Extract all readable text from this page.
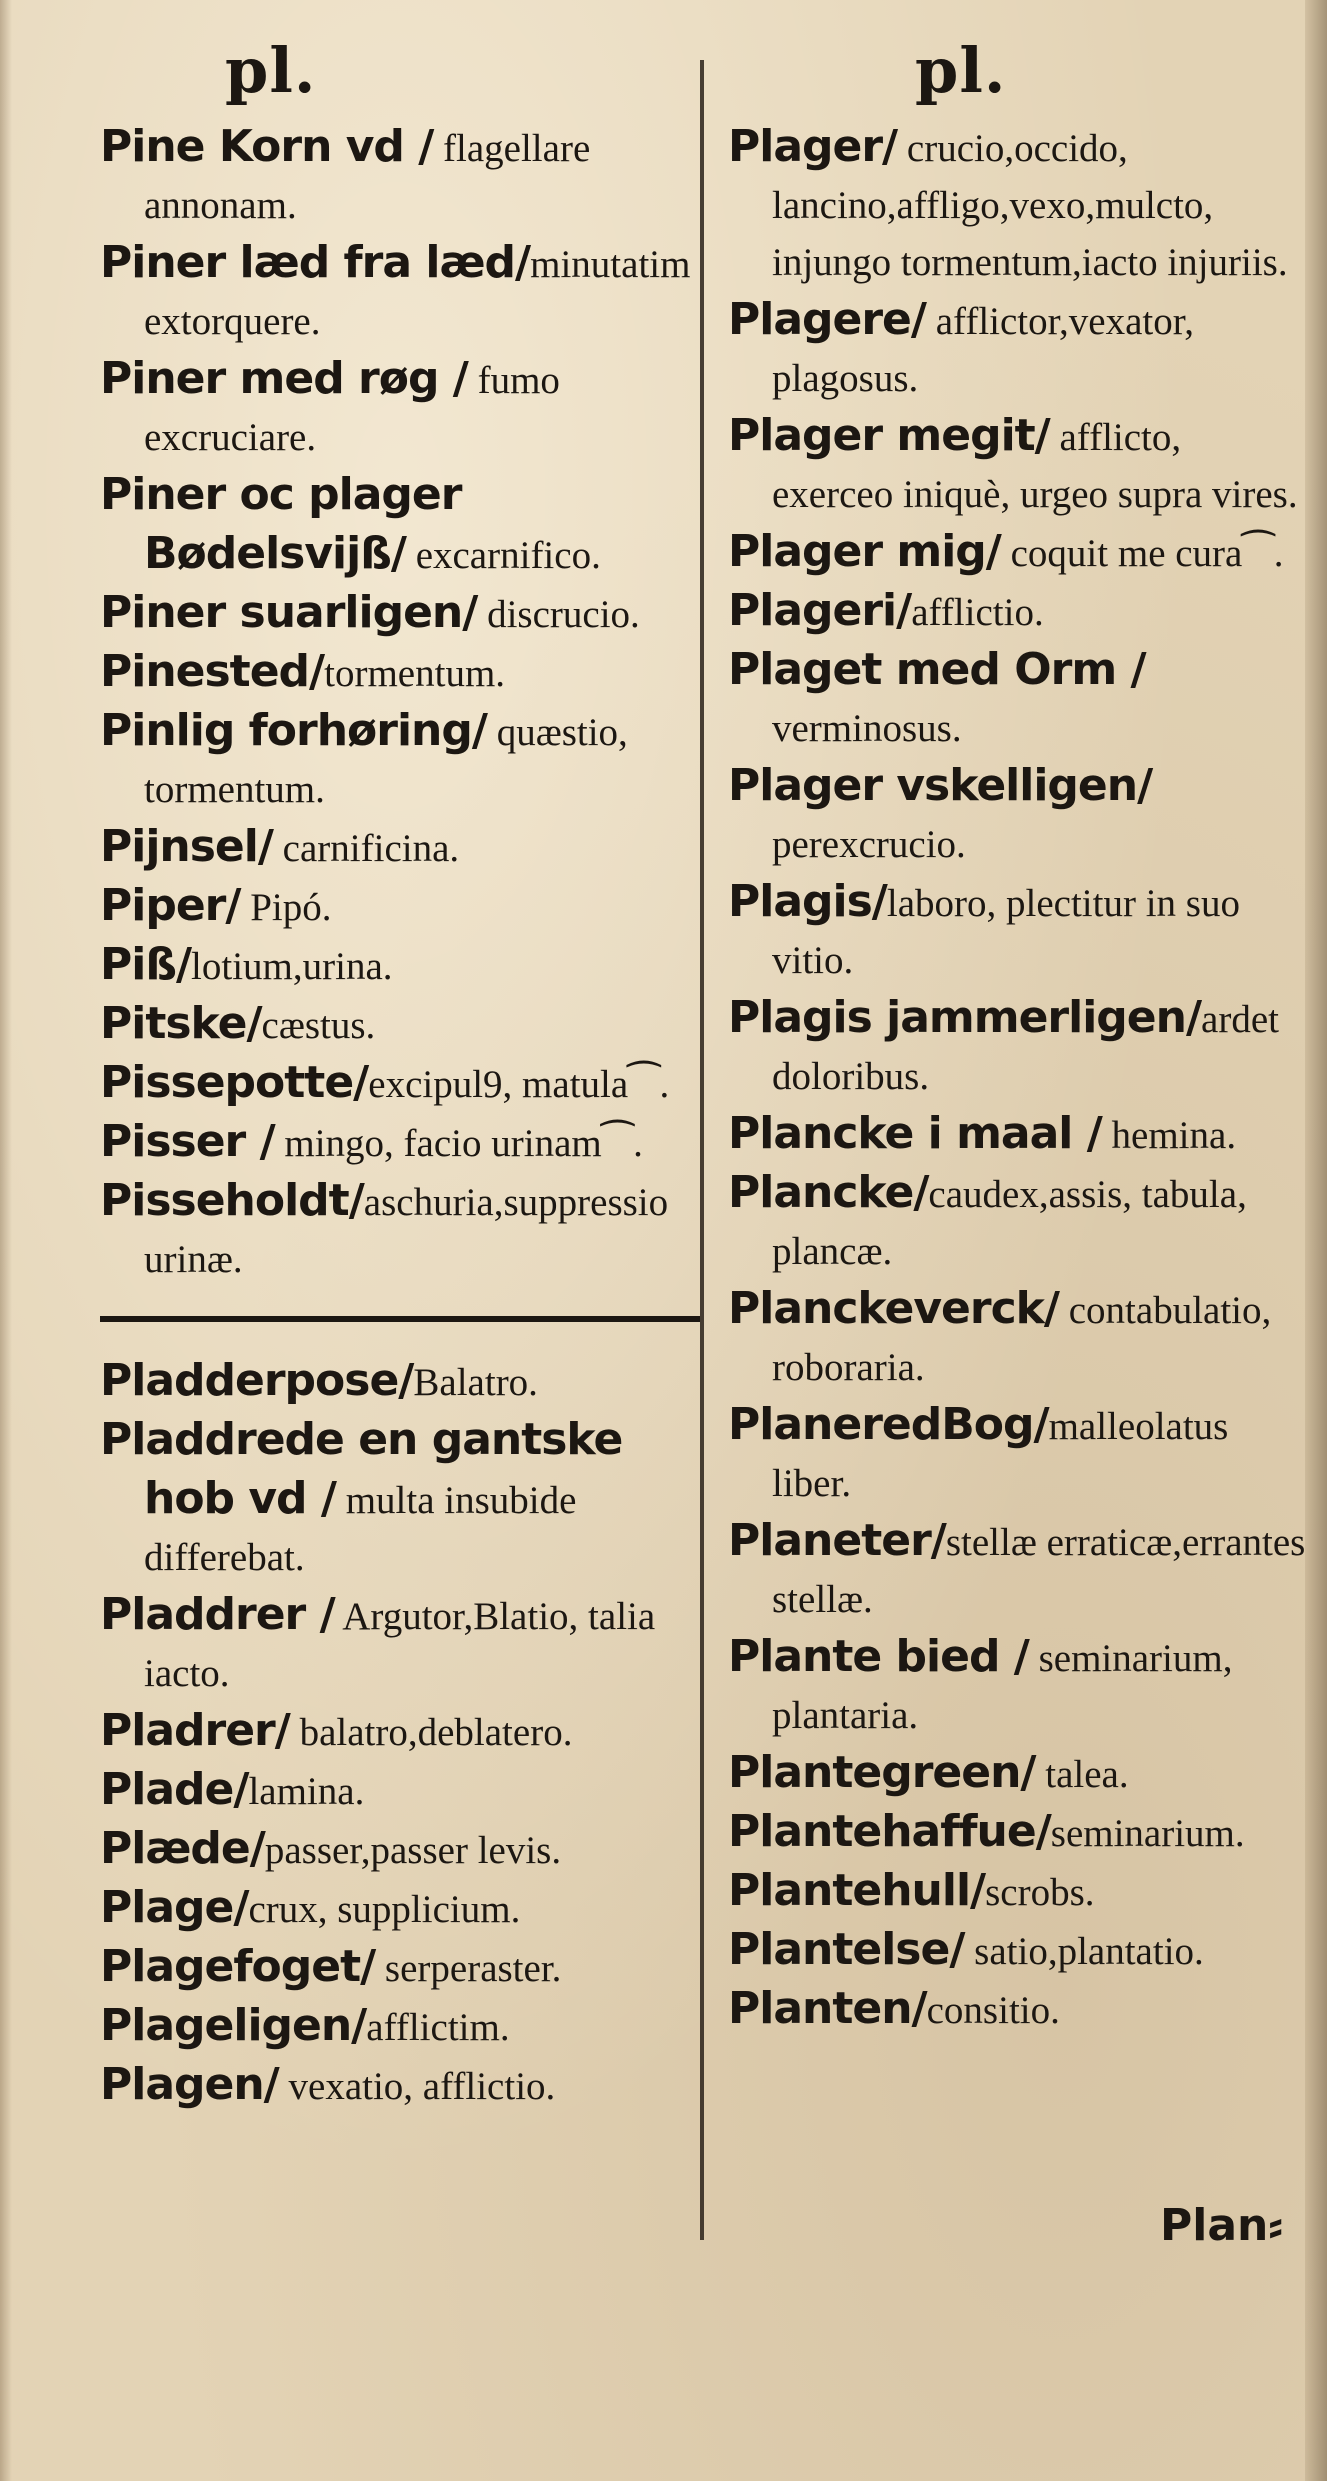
pl.	pl.
Pine Korn vd / flagellare annonam.
Piner læd fra læd/minutatim extorquere.
Piner med røg / fumo excruciare.
Piner oc plager Bødelsvijß/ excarnifico.
Piner suarligen/ discrucio.
Pinested/tormentum.
Pinlig forhøring/ quæstio, tormentum.
Pijnsel/ carnificina.
Piper/ Pipó.
Piß/lotium,urina.
Pitske/cæstus.
Pissepotte/excipul9, matula⁀.
Pisser / mingo, facio urinam⁀.
Pisseholdt/aschuria,suppressio urinæ.
Pladderpose/Balatro.
Pladdrede en gantske hob vd / multa insubide differebat.
Pladdrer / Argutor,Blatio, talia iacto.
Pladrer/ balatro,deblatero.
Plade/lamina.
Plæde/passer,passer levis.
Plage/crux, supplicium.
Plagefoget/ serperaster.
Plageligen/afflictim.
Plagen/ vexatio, afflictio.
Plager/ crucio,occido, lancino,affligo,vexo,mulcto, injungo tormentum,iacto injuriis.
Plagere/ afflictor,vexator, plagosus.
Plager megit/ afflicto, exerceo iniquè, urgeo supra vires.
Plager mig/ coquit me cura⁀.
Plageri/afflictio.
Plaget med Orm / verminosus.
Plager vskelligen/ perexcrucio.
Plagis/laboro, plectitur in suo vitio.
Plagis jammerligen/ardet doloribus.
Plancke i maal / hemina.
Plancke/caudex,assis, tabula, plancæ.
Planckeverck/ contabulatio, roboraria.
PlaneredBog/malleolatus liber.
Planeter/stellæ erraticæ,errantes stellæ.
Plante bied / seminarium, plantaria.
Plantegreen/ talea.
Plantehaffue/seminarium.
Plantehull/scrobs.
Plantelse/ satio,plantatio.
Planten/consitio.
Plan⸗
